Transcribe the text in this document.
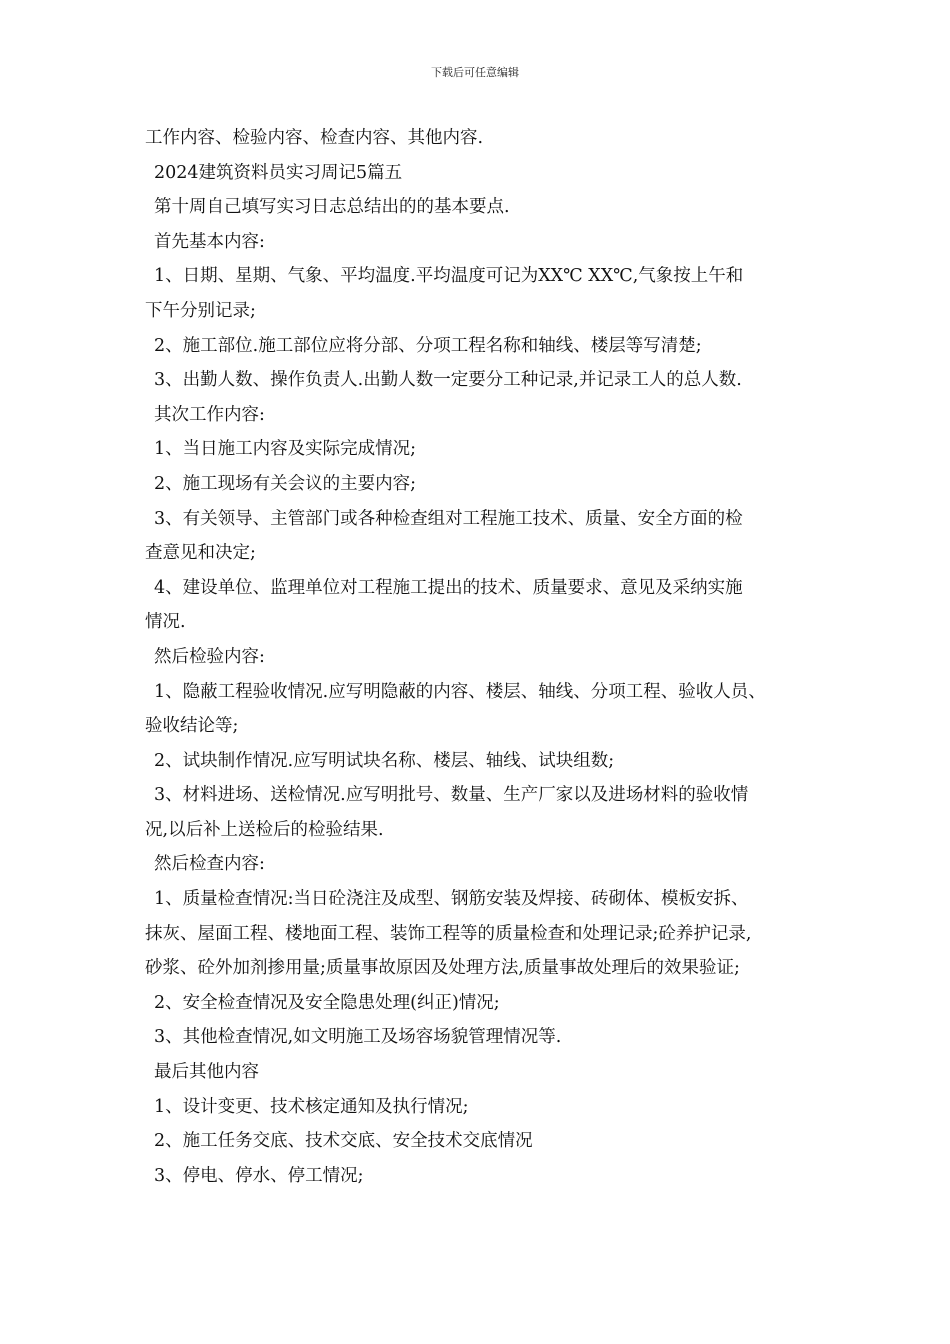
下载后可任意编辑
工作内容、检验内容、检查内容、其他内容.
2024建筑资料员实习周记5篇五
第十周自己填写实习日志总结出的的基本要点.
首先基本内容:
1、日期、星期、气象、平均温度.平均温度可记为XX℃ XX℃,气象按上午和
下午分别记录;
2、施工部位.施工部位应将分部、分项工程名称和轴线、楼层等写清楚;
3、出勤人数、操作负责人.出勤人数一定要分工种记录,并记录工人的总人数.
其次工作内容:
1、当日施工内容及实际完成情况;
2、施工现场有关会议的主要内容;
3、有关领导、主管部门或各种检查组对工程施工技术、质量、安全方面的检
查意见和决定;
4、建设单位、监理单位对工程施工提出的技术、质量要求、意见及采纳实施
情况.
然后检验内容:
1、隐蔽工程验收情况.应写明隐蔽的内容、楼层、轴线、分项工程、验收人员、
验收结论等;
2、试块制作情况.应写明试块名称、楼层、轴线、试块组数;
3、材料进场、送检情况.应写明批号、数量、生产厂家以及进场材料的验收情
况,以后补上送检后的检验结果.
然后检查内容:
1、质量检查情况:当日砼浇注及成型、钢筋安装及焊接、砖砌体、模板安拆、
抹灰、屋面工程、楼地面工程、装饰工程等的质量检查和处理记录;砼养护记录,
砂浆、砼外加剂掺用量;质量事故原因及处理方法,质量事故处理后的效果验证;
2、安全检查情况及安全隐患处理(纠正)情况;
3、其他检查情况,如文明施工及场容场貌管理情况等.
最后其他内容
1、设计变更、技术核定通知及执行情况;
2、施工任务交底、技术交底、安全技术交底情况
3、停电、停水、停工情况;
